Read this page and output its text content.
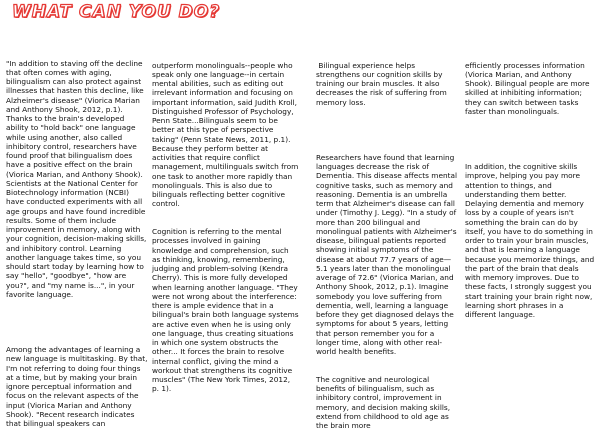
WHAT CAN YOU DO?

"In addition to staving off the decline that often comes with aging, bilingualism can also protect against illnesses that hasten this decline, like Alzheimer's disease" (Viorica Marian and Anthony Shook, 2012, p.1). Thanks to the brain's developed ability to "hold back" one language while using another, also called inhibitory control, researchers have found proof that bilingualism does have a positive effect on the brain (Viorica Marian, and Anthony Shook). Scientists at the National Center for Biotechnology information (NCBI) have conducted experiments with all age groups and have found incredible results. Some of them include improvement in memory, along with your cognition, decision-making skills, and inhibitory control. Learning another language takes time, so you should start today by learning how to say "hello", "goodbye", "how are you?", and "my name is...", in your favorite language.

Among the advantages of learning a new language is multitasking. By that, I'm not referring to doing four things at a time, but by making your brain ignore perceptual information and focus on the relevant aspects of the input (Viorica Marian and Anthony Shook). "Recent research indicates that bilingual speakers can

outperform monolinguals--people who speak only one language--in certain mental abilities, such as editing out irrelevant information and focusing on important information, said Judith Kroll, Distinguished Professor of Psychology, Penn State...Bilinguals seem to be better at this type of perspective taking" (Penn State News, 2011, p.1). Because they perform better at activities that require conflict management, multilinguals switch from one task to another more rapidly than monolinguals. This is also due to bilinguals reflecting better cognitive control.

Cognition is referring to the mental processes involved in gaining knowledge and comprehension, such as thinking, knowing, remembering, judging and problem-solving (Kendra Cherry). This is more fully developed when learning another language. "They were not wrong about the interference: there is ample evidence that in a bilingual's brain both language systems are active even when he is using only one language, thus creating situations in which one system obstructs the other... It forces the brain to resolve internal conflict, giving the mind a workout that strengthens its cognitive muscles" (The New York Times, 2012, p. 1).

Bilingual experience helps strengthens our cognition skills by training our brain muscles. It also decreases the risk of suffering from memory loss.

Researchers have found that learning languages decrease the risk of Dementia. This disease affects mental cognitive tasks, such as memory and reasoning. Dementia is an umbrella term that Alzheimer's disease can fall under (Timothy J. Legg). "In a study of more than 200 bilingual and monolingual patients with Alzheimer's disease, bilingual patients reported showing initial symptoms of the disease at about 77.7 years of age—5.1 years later than the monolingual average of 72.6" (Viorica Marian, and Anthony Shook, 2012, p.1). Imagine somebody you love suffering from dementia, well, learning a language before they get diagnosed delays the symptoms for about 5 years, letting that person remember you for a longer time, along with other real-world health benefits.

The cognitive and neurological benefits of bilingualism, such as inhibitory control, improvement in memory, and decision making skills, extend from childhood to old age as the brain more

efficiently processes information (Viorica Marian, and Anthony Shook). Bilingual people are more skilled at inhibiting information; they can switch between tasks faster than monolinguals.

In addition, the cognitive skills improve, helping you pay more attention to things, and understanding them better. Delaying dementia and memory loss by a couple of years isn't something the brain can do by itself, you have to do something in order to train your brain muscles, and that is learning a language because you memorize things, and the part of the brain that deals with memory improves. Due to these facts, I strongly suggest you start training your brain right now, learning short phrases in a different language.
